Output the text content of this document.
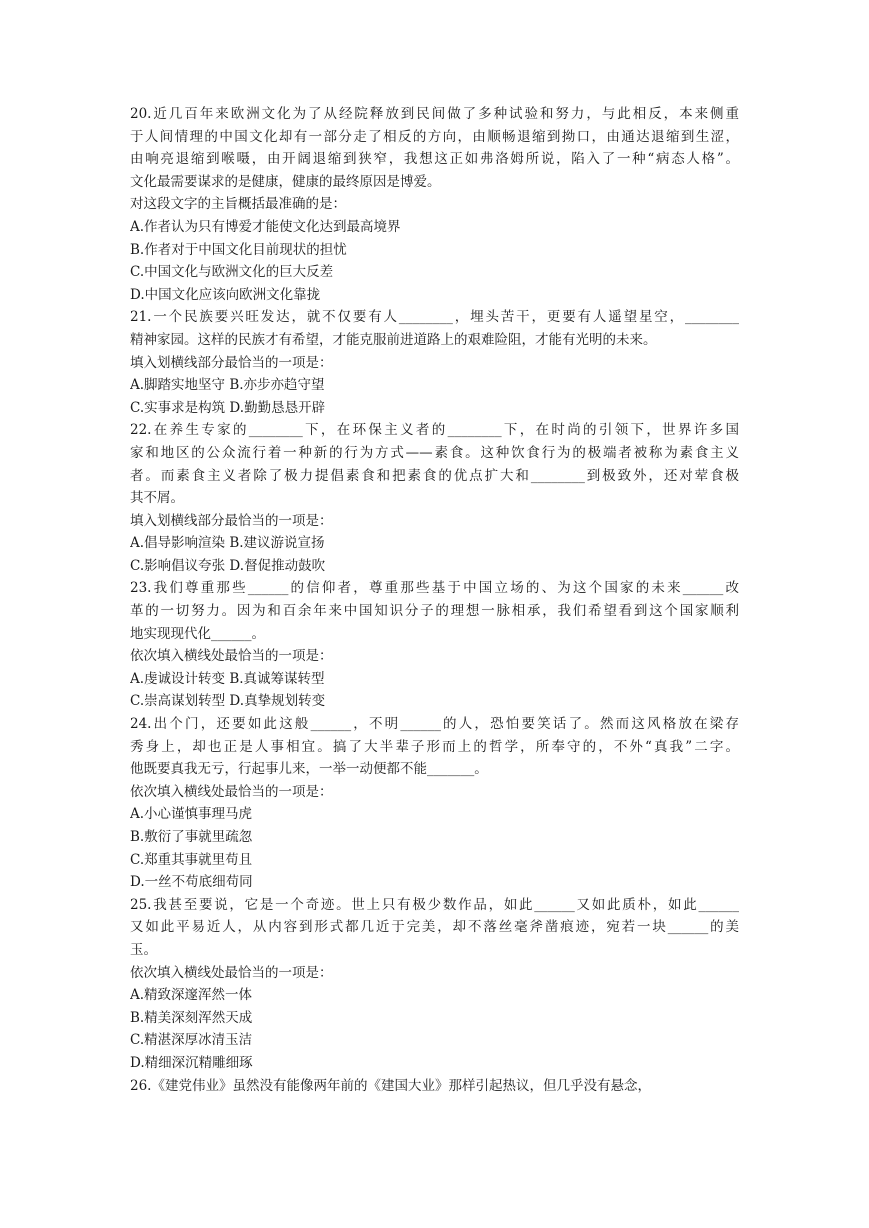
20.近几百年来欧洲文化为了从经院释放到民间做了多种试验和努力，与此相反，本来侧重
于人间情理的中国文化却有一部分走了相反的方向，由顺畅退缩到拗口，由通达退缩到生涩，
由响亮退缩到喉嗫，由开阔退缩到狭窄，我想这正如弗洛姆所说，陷入了一种“病态人格”。
文化最需要谋求的是健康，健康的最终原因是博爱。
对这段文字的主旨概括最准确的是：
A.作者认为只有博爱才能使文化达到最高境界
B.作者对于中国文化目前现状的担忧
C.中国文化与欧洲文化的巨大反差
D.中国文化应该向欧洲文化靠拢
21.一个民族要兴旺发达，就不仅要有人________，埋头苦干，更要有人遥望星空，________
精神家园。这样的民族才有希望，才能克服前进道路上的艰难险阻，才能有光明的未来。
填入划横线部分最恰当的一项是：
A.脚踏实地坚守 B.亦步亦趋守望
C.实事求是构筑 D.勤勤恳恳开辟
22.在养生专家的________下，在环保主义者的________下，在时尚的引领下，世界许多国
家和地区的公众流行着一种新的行为方式——素食。这种饮食行为的极端者被称为素食主义
者。而素食主义者除了极力提倡素食和把素食的优点扩大和________到极致外，还对荤食极
其不屑。
填入划横线部分最恰当的一项是：
A.倡导影响渲染 B.建议游说宣扬
C.影响倡议夸张 D.督促推动鼓吹
23.我们尊重那些______的信仰者，尊重那些基于中国立场的、为这个国家的未来______改
革的一切努力。因为和百余年来中国知识分子的理想一脉相承，我们希望看到这个国家顺利
地实现现代化______。
依次填入横线处最恰当的一项是：
A.虔诚设计转变 B.真诚筹谋转型
C.崇高谋划转型 D.真挚规划转变
24.出个门，还要如此这般______，不明______的人，恐怕要笑话了。然而这风格放在梁存
秀身上，却也正是人事相宜。搞了大半辈子形而上的哲学，所奉守的，不外“真我”二字。
他既要真我无亏，行起事儿来，一举一动便都不能_______。
依次填入横线处最恰当的一项是：
A.小心谨慎事理马虎
B.敷衍了事就里疏忽
C.郑重其事就里苟且
D.一丝不苟底细苟同
25.我甚至要说，它是一个奇迹。世上只有极少数作品，如此______又如此质朴，如此______
又如此平易近人，从内容到形式都几近于完美，却不落丝毫斧凿痕迹，宛若一块______的美
玉。
依次填入横线处最恰当的一项是：
A.精致深邃浑然一体
B.精美深刻浑然天成
C.精湛深厚冰清玉洁
D.精细深沉精雕细琢
26.《建党伟业》虽然没有能像两年前的《建国大业》那样引起热议，但几乎没有悬念，
